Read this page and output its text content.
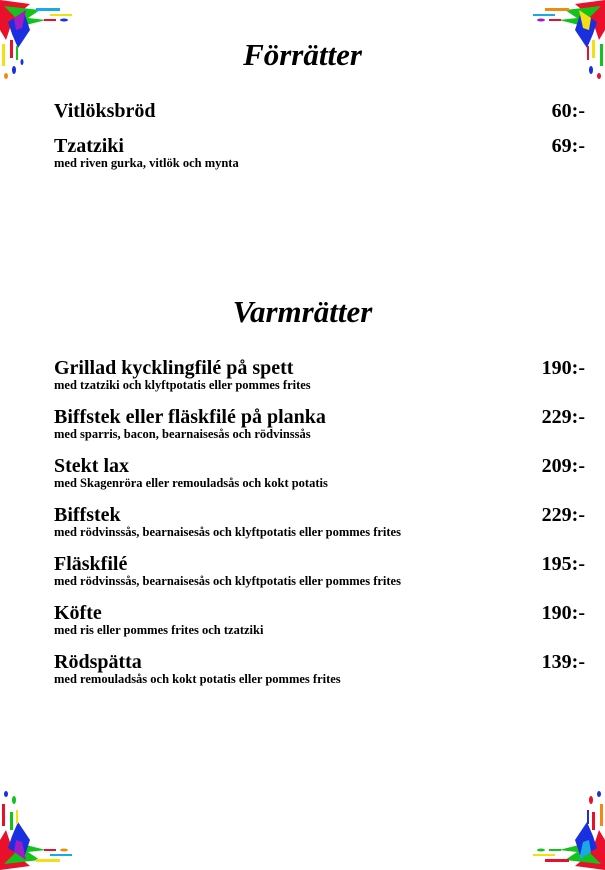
Förrätter
Vitlöksbröd	60:-
Tzatziki
med riven gurka, vitlök och mynta
69:-
Varmrätter
Grillad kycklingfilé på spett
med tzatziki och klyftpotatis eller pommes frites
190:-
Biffstek eller fläskfilé på planka
med sparris, bacon, bearnaisesås och rödvinssås
229:-
Stekt lax
med Skagenröra eller remouladsås och kokt potatis
209:-
Biffstek
med rödvinssås, bearnaisesås och klyftpotatis eller pommes frites
229:-
Fläskfilé
med rödvinssås, bearnaisesås och klyftpotatis eller pommes frites
195:-
Köfte
med ris eller pommes frites och tzatziki
190:-
Rödspätta
med remouladsås och kokt potatis eller pommes frites
139:-
